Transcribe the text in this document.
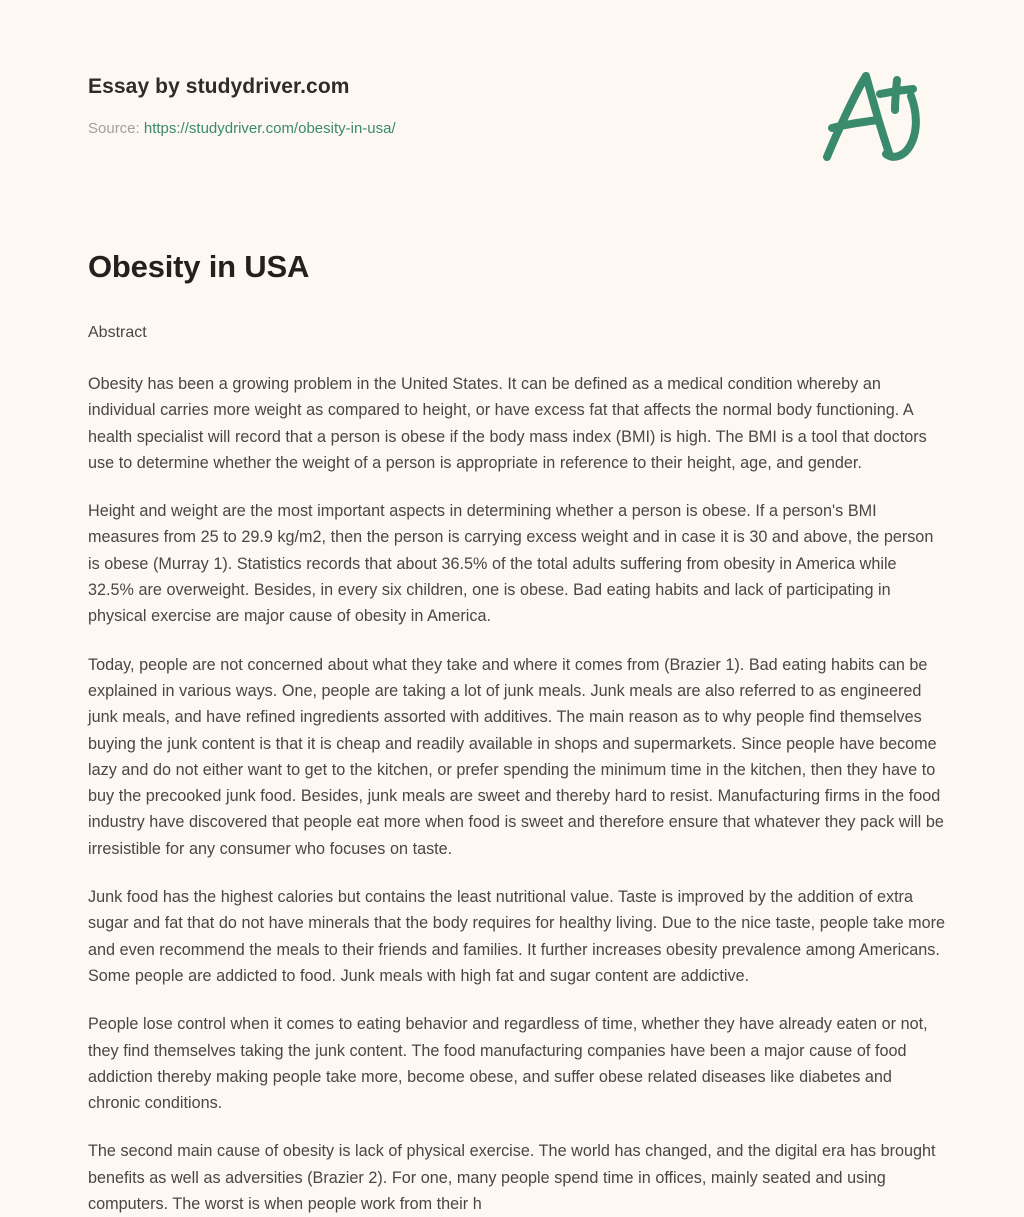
Essay by studydriver.com
Source: https://studydriver.com/obesity-in-usa/
Obesity in USA

Abstract

Obesity has been a growing problem in the United States. It can be defined as a medical condition whereby an individual carries more weight as compared to height, or have excess fat that affects the normal body functioning. A health specialist will record that a person is obese if the body mass index (BMI) is high. The BMI is a tool that doctors use to determine whether the weight of a person is appropriate in reference to their height, age, and gender.

Height and weight are the most important aspects in determining whether a person is obese. If a person's BMI measures from 25 to 29.9 kg/m2, then the person is carrying excess weight and in case it is 30 and above, the person is obese (Murray 1). Statistics records that about 36.5% of the total adults suffering from obesity in America while 32.5% are overweight. Besides, in every six children, one is obese. Bad eating habits and lack of participating in physical exercise are major cause of obesity in America.

Today, people are not concerned about what they take and where it comes from (Brazier 1). Bad eating habits can be explained in various ways. One, people are taking a lot of junk meals. Junk meals are also referred to as engineered junk meals, and have refined ingredients assorted with additives. The main reason as to why people find themselves buying the junk content is that it is cheap and readily available in shops and supermarkets. Since people have become lazy and do not either want to get to the kitchen, or prefer spending the minimum time in the kitchen, then they have to buy the precooked junk food. Besides, junk meals are sweet and thereby hard to resist. Manufacturing firms in the food industry have discovered that people eat more when food is sweet and therefore ensure that whatever they pack will be irresistible for any consumer who focuses on taste.

Junk food has the highest calories but contains the least nutritional value. Taste is improved by the addition of extra sugar and fat that do not have minerals that the body requires for healthy living. Due to the nice taste, people take more and even recommend the meals to their friends and families. It further increases obesity prevalence among Americans. Some people are addicted to food. Junk meals with high fat and sugar content are addictive.

People lose control when it comes to eating behavior and regardless of time, whether they have already eaten or not, they find themselves taking the junk content. The food manufacturing companies have been a major cause of food addiction thereby making people take more, become obese, and suffer obese related diseases like diabetes and chronic conditions.

The second main cause of obesity is lack of physical exercise. The world has changed, and the digital era has brought benefits as well as adversities (Brazier 2). For one, many people spend time in offices, mainly seated and using computers. The worst is when people work from their h
